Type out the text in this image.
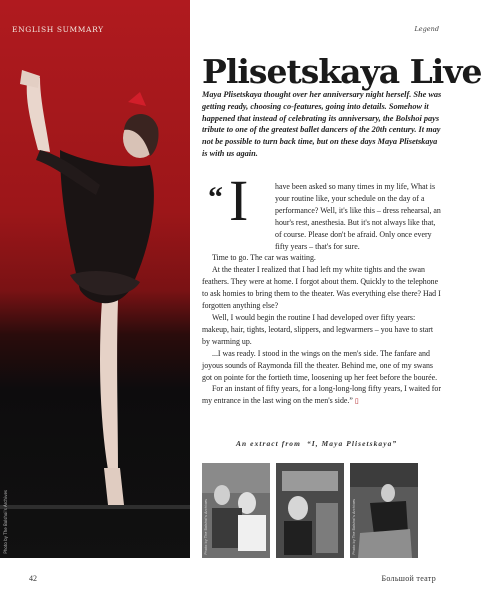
ENGLISH SUMMARY
Photo by The Bolshoi's Archives
Legend
Plisetskaya Live

Maya Plisetskaya thought over her anniversary night herself. She was getting ready, choosing co-features, going into details. Somehow it happened that instead of celebrating its anniversary, the Bolshoi pays tribute to one of the greatest ballet dancers of the 20th century. It may not be possible to turn back time, but on these days Maya Plisetskaya is with us again.

“ I	have been asked so many times in my life, What is your routine like, your schedule on the day of a performance? Well, it's like this – dress rehearsal, an hour's rest, anesthesia. But it's not always like that, of course. Please don't be afraid. Only once every fifty years – that's for sure.

Time to go. The car was waiting.

At the theater I realized that I had left my white tights and the swan feathers. They were at home. I forgot about them. Quickly to the telephone to ask homies to bring them to the theater. Was everything else there? Had I forgotten anything else?

Well, I would begin the routine I had developed over fifty years: makeup, hair, tights, leotard, slippers, and legwarmers – you have to start by warming up.

...I was ready. I stood in the wings on the men's side. The fanfare and joyous sounds of Raymonda fill the theater. Behind me, one of my swans got on pointe for the fortieth time, loosening up her feet before the bourée.

For an instant of fifty years, for a long-long-long fifty years, I waited for my entrance in the last wing on the men's side.” ▯

An extract from “I, Maya Plisetskaya”
Photo by The Bolshoi's Archives	Photo by The Bolshoi's Archives
42	Большой театр
